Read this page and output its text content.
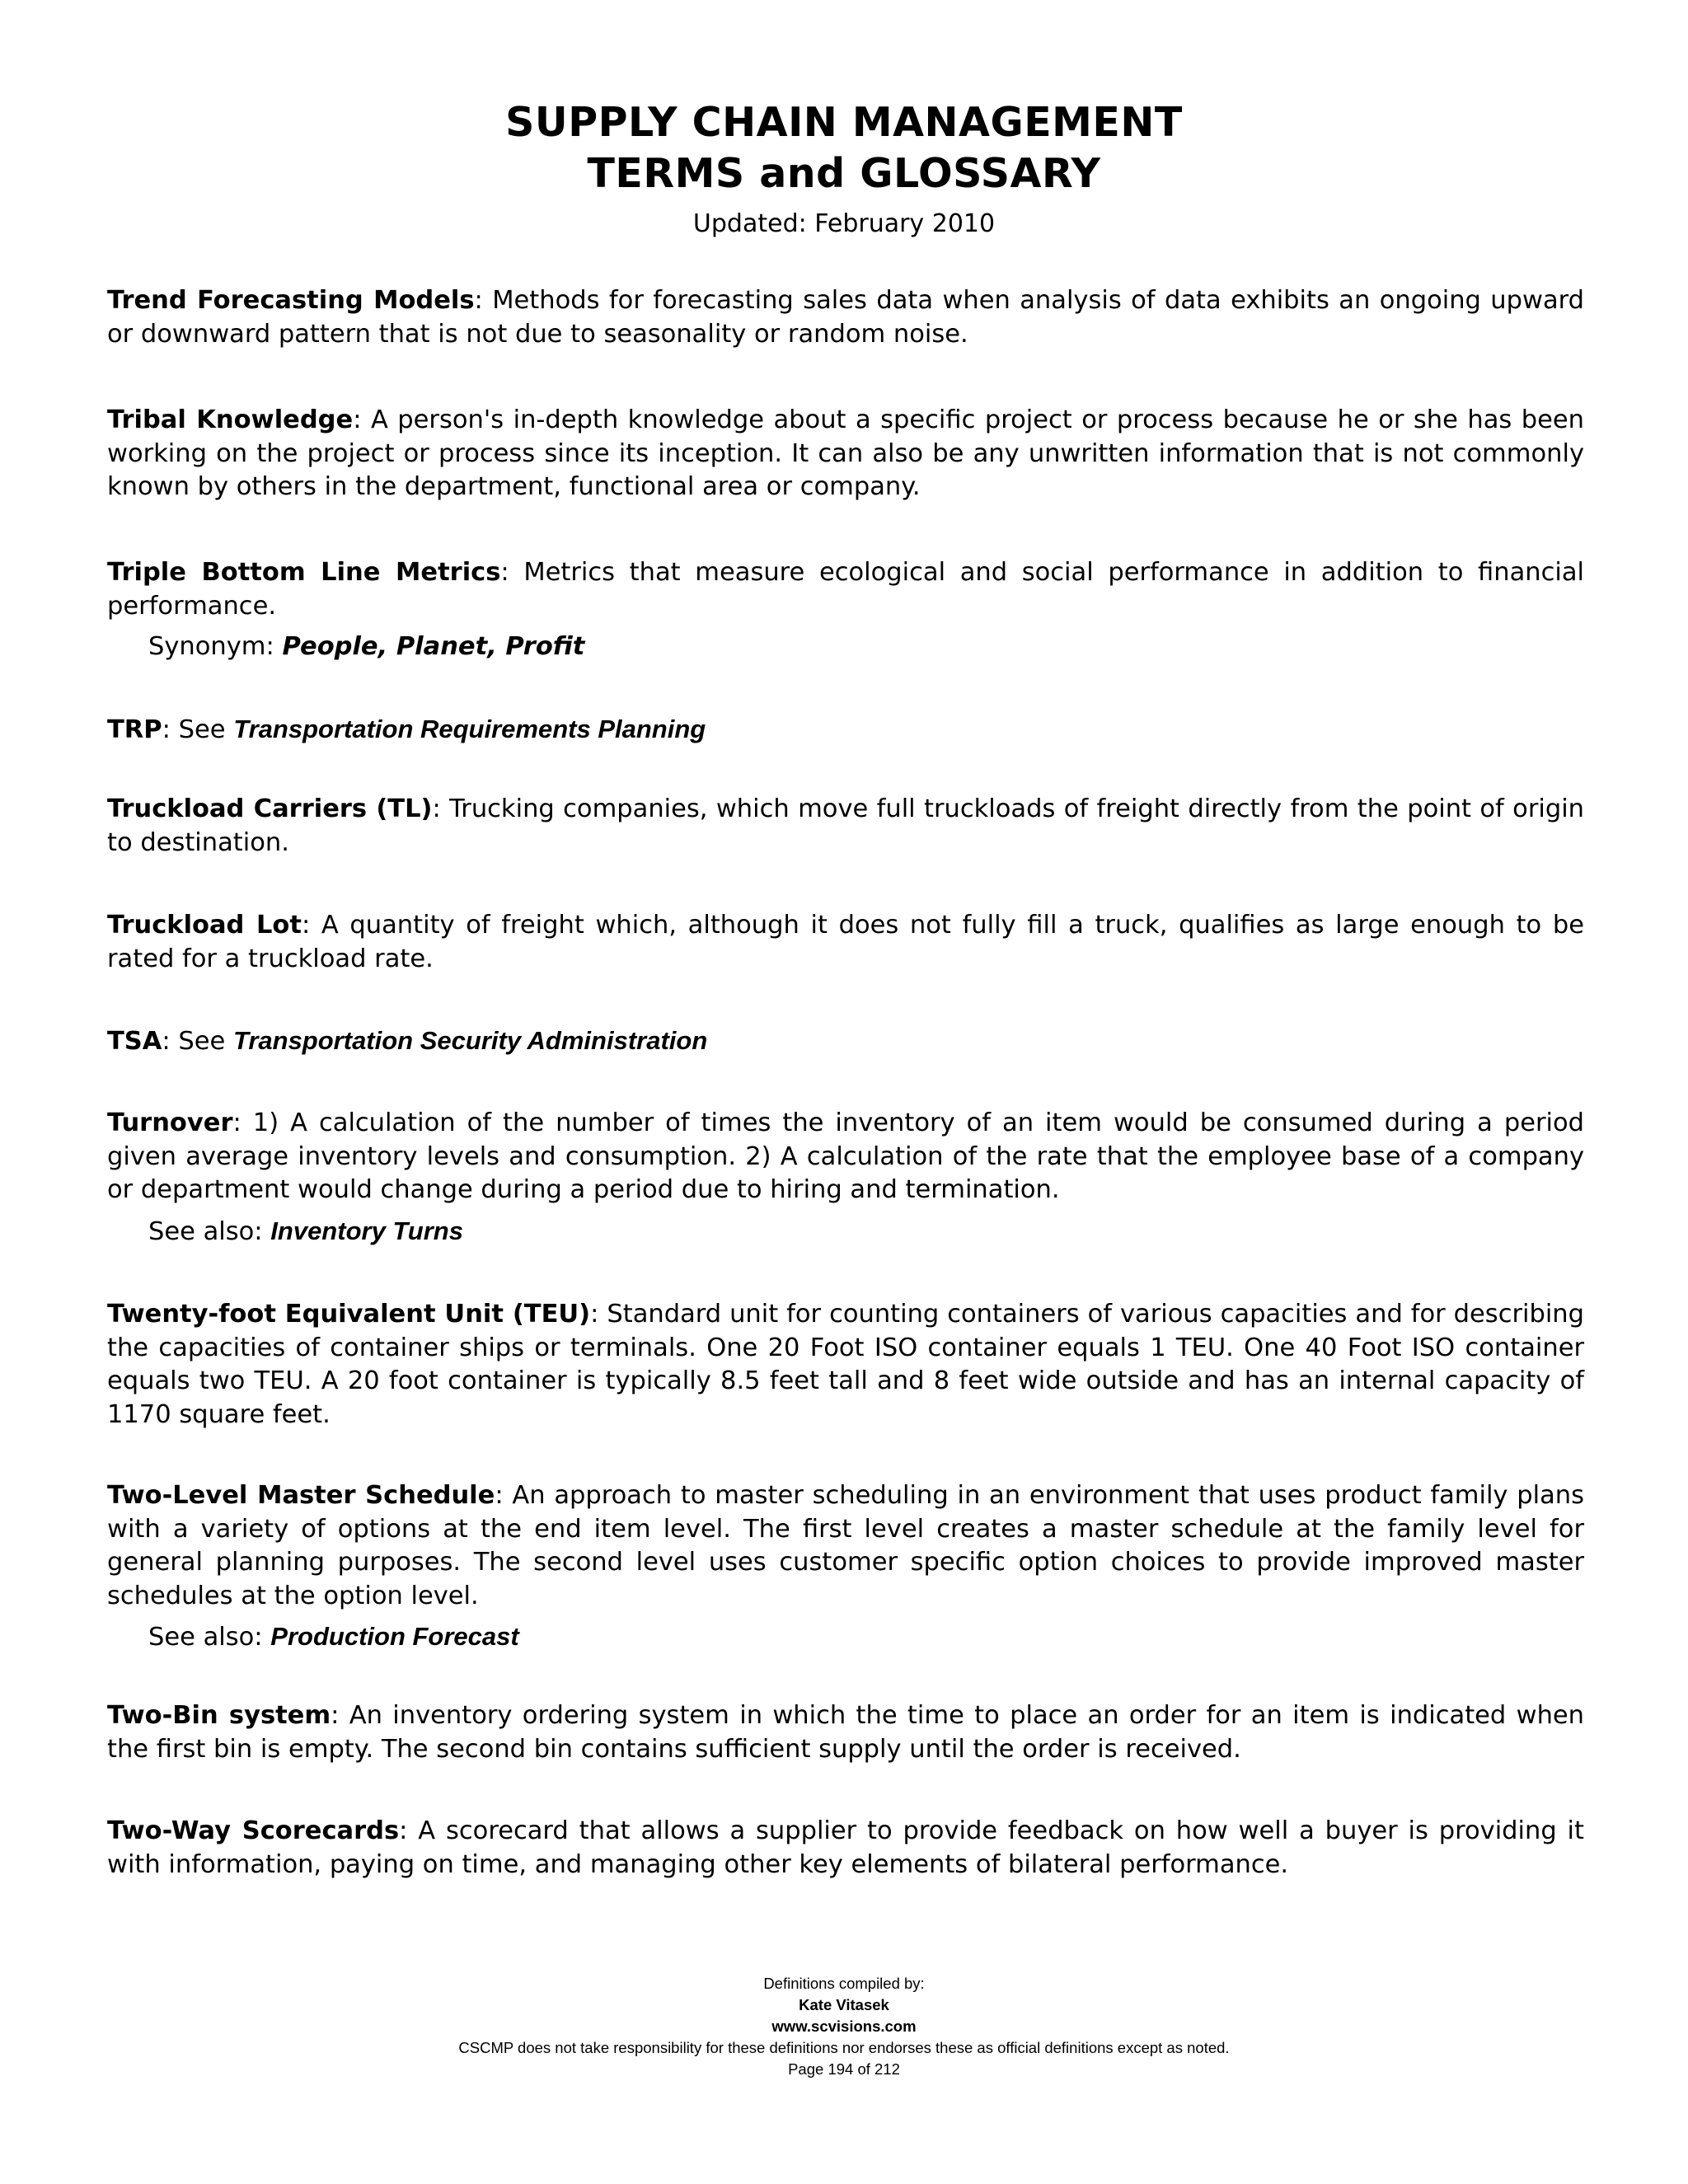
SUPPLY CHAIN MANAGEMENT
TERMS and GLOSSARY
Updated: February 2010
Trend Forecasting Models: Methods for forecasting sales data when analysis of data exhibits an ongoing upward or downward pattern that is not due to seasonality or random noise.
Tribal Knowledge: A person's in-depth knowledge about a specific project or process because he or she has been working on the project or process since its inception. It can also be any unwritten information that is not commonly known by others in the department, functional area or company.
Triple Bottom Line Metrics: Metrics that measure ecological and social performance in addition to financial performance.
Synonym: People, Planet, Profit
TRP: See Transportation Requirements Planning
Truckload Carriers (TL): Trucking companies, which move full truckloads of freight directly from the point of origin to destination.
Truckload Lot: A quantity of freight which, although it does not fully fill a truck, qualifies as large enough to be rated for a truckload rate.
TSA: See Transportation Security Administration
Turnover: 1) A calculation of the number of times the inventory of an item would be consumed during a period given average inventory levels and consumption. 2) A calculation of the rate that the employee base of a company or department would change during a period due to hiring and termination.
See also: Inventory Turns
Twenty-foot Equivalent Unit (TEU): Standard unit for counting containers of various capacities and for describing the capacities of container ships or terminals. One 20 Foot ISO container equals 1 TEU. One 40 Foot ISO container equals two TEU. A 20 foot container is typically 8.5 feet tall and 8 feet wide outside and has an internal capacity of 1170 square feet.
Two-Level Master Schedule: An approach to master scheduling in an environment that uses product family plans with a variety of options at the end item level. The first level creates a master schedule at the family level for general planning purposes. The second level uses customer specific option choices to provide improved master schedules at the option level.
See also: Production Forecast
Two-Bin system: An inventory ordering system in which the time to place an order for an item is indicated when the first bin is empty. The second bin contains sufficient supply until the order is received.
Two-Way Scorecards: A scorecard that allows a supplier to provide feedback on how well a buyer is providing it with information, paying on time, and managing other key elements of bilateral performance.
Definitions compiled by:
Kate Vitasek
www.scvisions.com
CSCMP does not take responsibility for these definitions nor endorses these as official definitions except as noted.
Page 194 of 212
